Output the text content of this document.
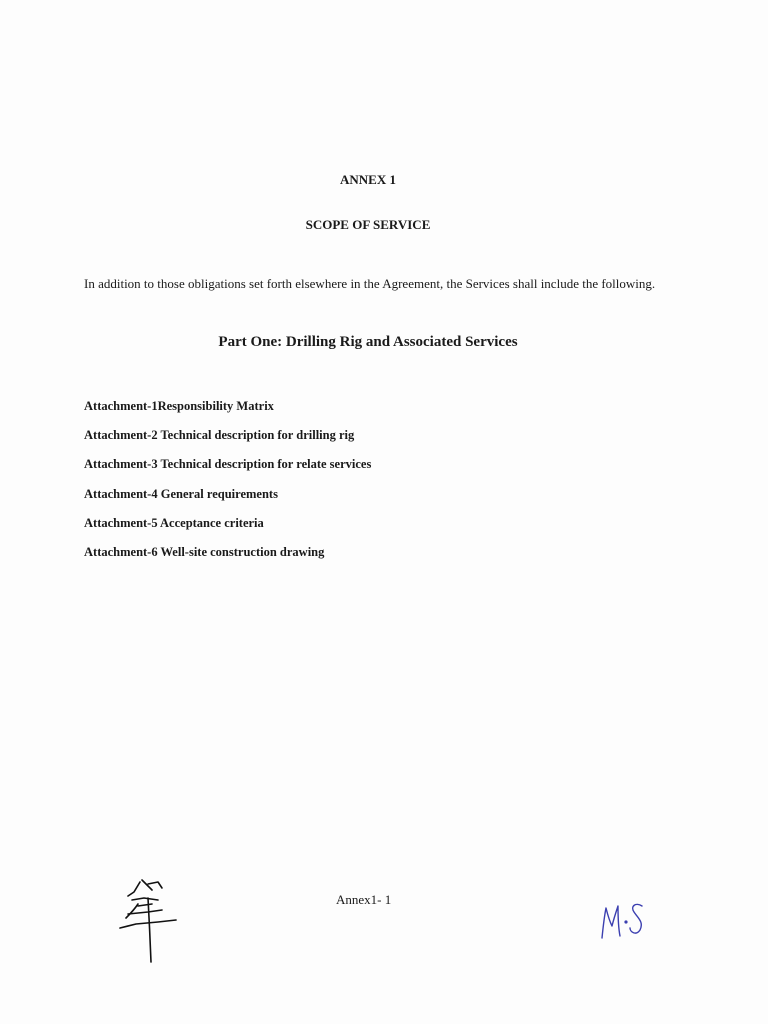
ANNEX 1
SCOPE OF SERVICE
In addition to those obligations set forth elsewhere in the Agreement, the Services shall include the following.
Part One: Drilling Rig and Associated Services
Attachment-1Responsibility Matrix
Attachment-2 Technical description for drilling rig
Attachment-3 Technical description for relate services
Attachment-4 General requirements
Attachment-5 Acceptance criteria
Attachment-6 Well-site construction drawing
Annex1- 1
